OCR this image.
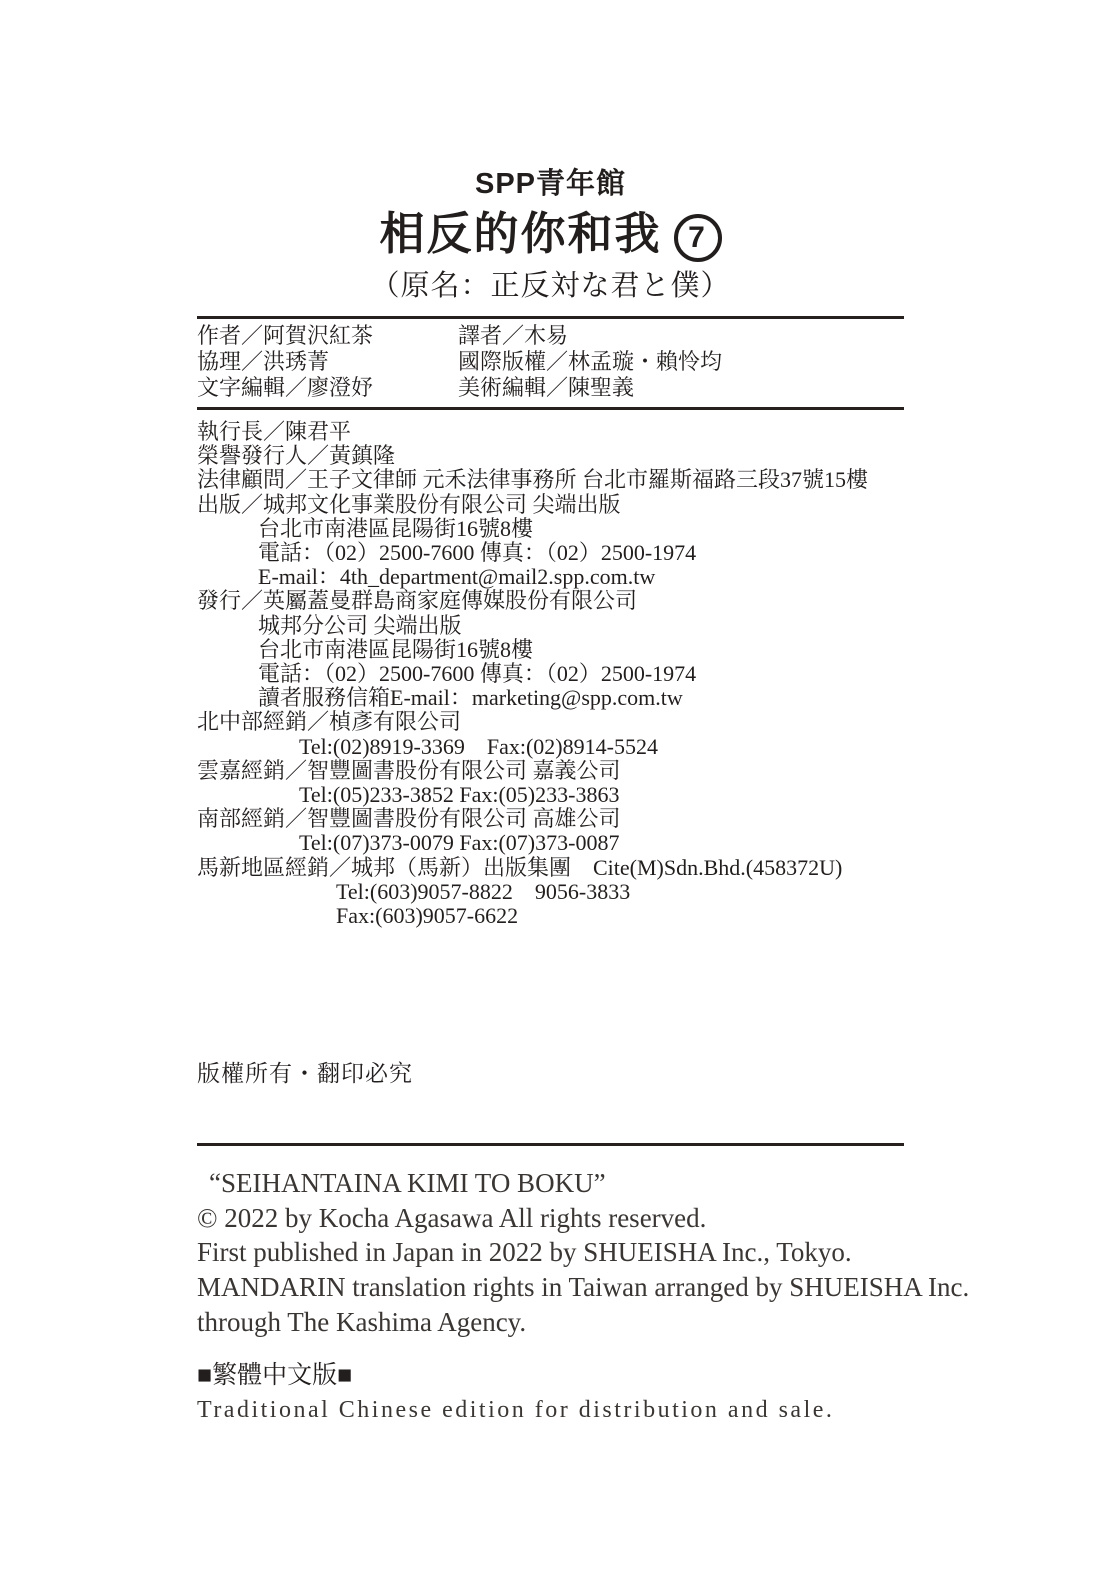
SPP青年館
相反的你和我 7
（原名：正反対な君と僕）
作者／阿賀沢紅茶	譯者／木易
協理／洪琇菁	國際版權／林孟璇・賴怜均
文字編輯／廖澄妤	美術編輯／陳聖義
執行長／陳君平
榮譽發行人／黃鎮隆
法律顧問／王子文律師 元禾法律事務所 台北市羅斯福路三段37號15樓
出版／城邦文化事業股份有限公司 尖端出版
台北市南港區昆陽街16號8樓
電話：（02）2500-7600 傳真：（02）2500-1974
E-mail：4th_department@mail2.spp.com.tw
發行／英屬蓋曼群島商家庭傳媒股份有限公司
城邦分公司 尖端出版
台北市南港區昆陽街16號8樓
電話：（02）2500-7600 傳真：（02）2500-1974
讀者服務信箱E-mail：marketing@spp.com.tw
北中部經銷／楨彥有限公司
Tel:(02)8919-3369　Fax:(02)8914-5524
雲嘉經銷／智豐圖書股份有限公司 嘉義公司
Tel:(05)233-3852 Fax:(05)233-3863
南部經銷／智豐圖書股份有限公司 高雄公司
Tel:(07)373-0079 Fax:(07)373-0087
馬新地區經銷／城邦（馬新）出版集團　Cite(M)Sdn.Bhd.(458372U)
Tel:(603)9057-8822　9056-3833
Fax:(603)9057-6622
版權所有・翻印必究
“SEIHANTAINA KIMI TO BOKU”
© 2022 by Kocha Agasawa All rights reserved.
First published in Japan in 2022 by SHUEISHA Inc., Tokyo.
MANDARIN translation rights in Taiwan arranged by SHUEISHA Inc.
through The Kashima Agency.
■繁體中文版■
Traditional Chinese edition for distribution and sale.
